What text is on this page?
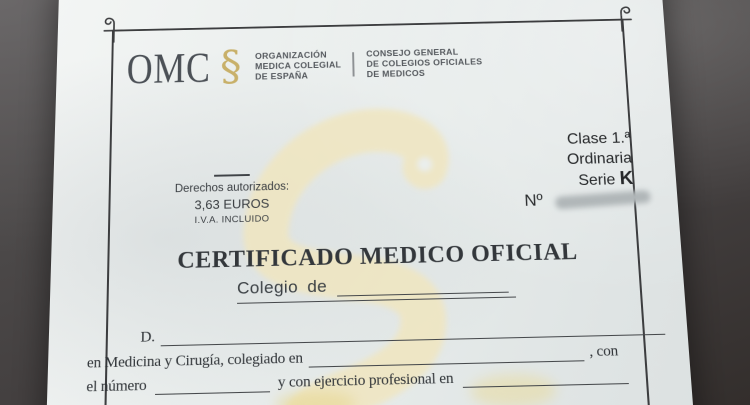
OMC § ORGANIZACIÓN
MEDICA COLEGIAL
DE ESPAÑA
CONSEJO GENERAL
DE COLEGIOS OFICIALES
DE MEDICOS
Clase 1.ª
Ordinaria
Serie K
Nº
Derechos autorizados:
3,63 EUROS
I.V.A. INCLUIDO
CERTIFICADO MEDICO OFICIAL
Colegio de
D.
en Medicina y Cirugía, colegiado en	, con
el número	y con ejercicio profesional en
